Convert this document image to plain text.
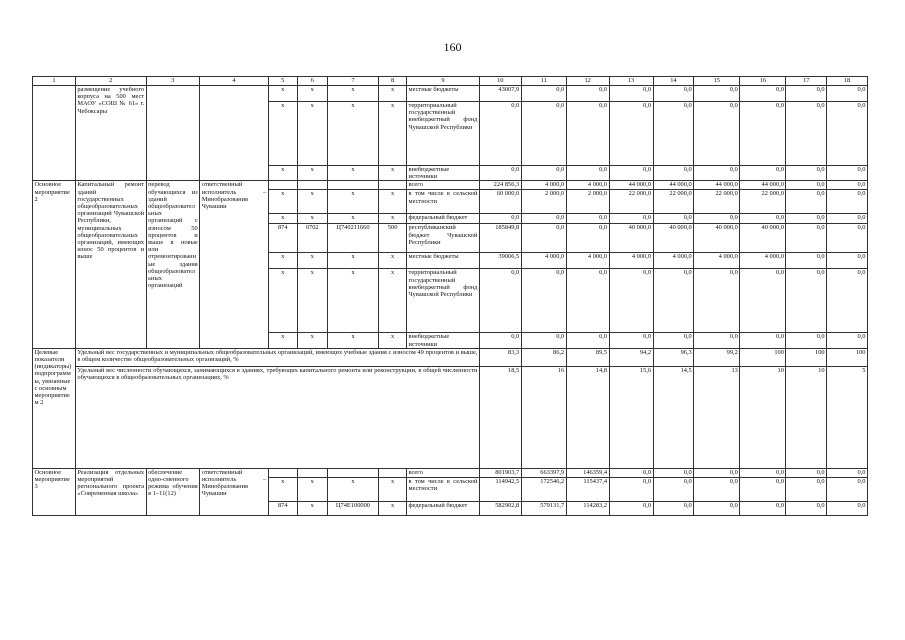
160
1	2	3	4	5	6	7	8	9	10	11	12	13	14	15	16	17	18
	размещение учебного корпуса на 500 мест МАОУ «СОШ № 61» г. Чебоксары			x	x	x	x	местные бюджеты	43007,9	0,0	0,0	0,0	0,0	0,0	0,0	0,0	0,0
				x	x	x	x	территориальный государственный внебюджетный фонд Чувашской Республики	0,0	0,0	0,0	0,0	0,0	0,0	0,0	0,0	0,0
				x	x	x	x	внебюджетные источники	0,0	0,0	0,0	0,0	0,0	0,0	0,0	0,0	0,0
Основное мероприятие 2	Капитальный ремонт зданий государственных общеобразовательных организаций Чувашской Республики, муниципальных общеобразовательных организаций, имеющих износ 50 процентов и выше	перевод обучающихся из зданий общеобразовательных организаций с износом 50 процентов и выше в новые или отремонтированные здания общеобразовательных организаций	ответственный исполнитель – Минобразования Чувашии					всего	224 856,3	4 000,0	4 000,0	44 000,0	44 000,0	44 000,0	44 000,0	0,0	0,0
				x	x	x	x	в том числе в сельской местности	60 000,0	2 000,0	2 000,0	22 000,0	22 000,0	22 000,0	22 000,0	0,0	0,0
				x	x	x	x	федеральный бюджет	0,0	0,0	0,0	0,0	0,0	0,0	0,0	0,0	0,0
				874	0702	Ц740211660	500	республиканский бюджет Чувашской Республики	185849,8	0,0	0,0	40 000,0	40 000,0	40 000,0	40 000,0	0,0	0,0
				x	x	x	x	местные бюджеты	39006,5	4 000,0	4 000,0	4 000,0	4 000,0	4 000,0	4 000,0	0,0	0,0
				x	x	x	x	территориальный государственный внебюджетный фонд Чувашской Республики	0,0	0,0	0,0	0,0	0,0	0,0	0,0	0,0	0,0
				x	x	x	x	внебюджетные источники	0,0	0,0	0,0	0,0	0,0	0,0	0,0	0,0	0,0
Целевые показатели (индикаторы) подпрограммы, увязанные с основным мероприятием 2	Удельный вес государственных и муниципальных общеобразовательных организаций, имеющих учебные здания с износом 49 процентов и выше, в общем количестве общеобразовательных организаций, %								83,3	86,2	89,5	94,2	96,3	99,2	100	100	100
	Удельный вес численности обучающихся, занимающихся в зданиях, требующих капитального ремонта или реконструкции, в общей численности обучающихся в общеобразовательных организациях, %								18,5	16	14,8	15,6	14,5	13	10	10	5
Основное мероприятие 3	Реализация отдельных мероприятий регионального проекта «Современная школа»	обеспечение одно-сменного режима обучения в 1–11(12)	ответственный исполнитель – Минобразования Чувашии					всего	801903,7	663397,9	146359,4	0,0	0,0	0,0	0,0	0,0	0,0
				x	x	x	x	в том числе в сельской местности	114942,5	172546,2	115437,4	0,0	0,0	0,0	0,0	0,0	0,0
				874	x	Ц74E100000	x	федеральный бюджет	582902,8	579131,7	114283,2	0,0	0,0	0,0	0,0	0,0	0,0
